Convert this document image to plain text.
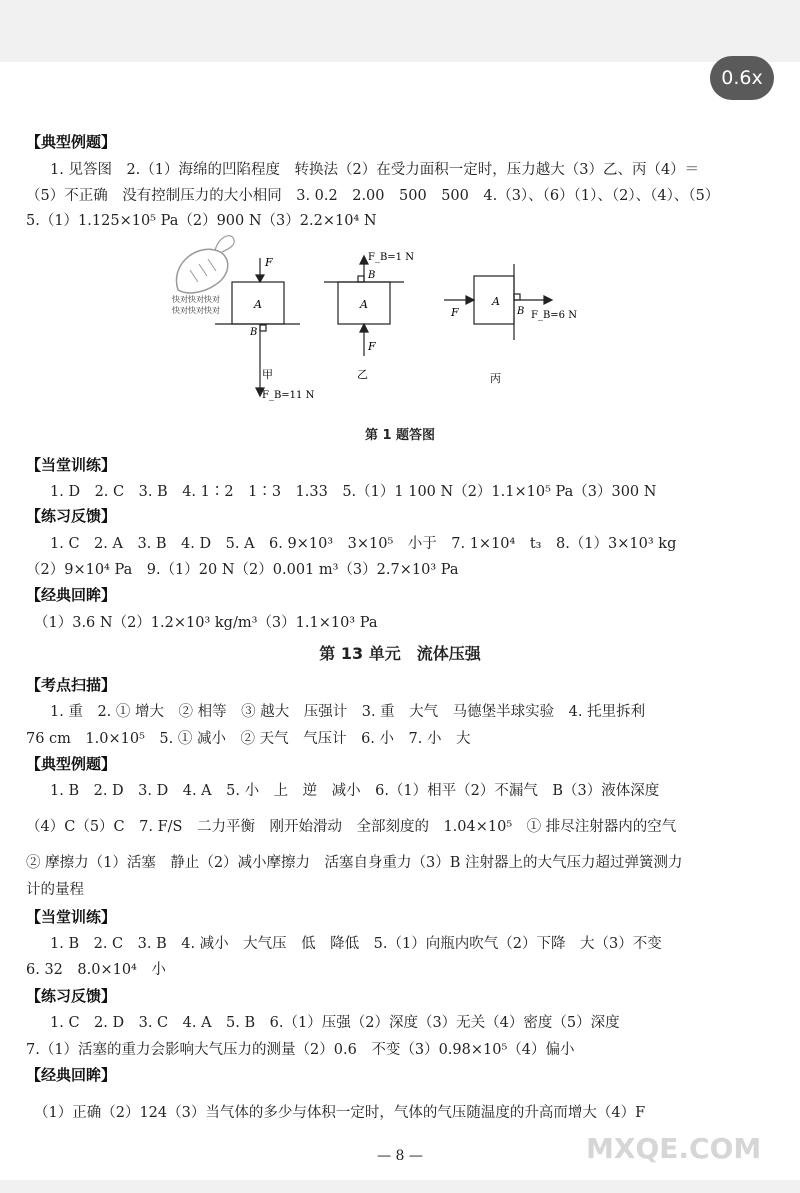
0.6x
【典型例题】
1. 见答图　2.（1）海绵的凹陷程度　转换法（2）在受力面积一定时，压力越大（3）乙、丙（4）＝
（5）不正确　没有控制压力的大小相同　3. 0.2　2.00　500　500　4.（3）、（6）（1）、（2）、（4）、（5）
5.（1）1.125×10⁵ Pa（2）900 N（3）2.2×10⁴ N
快对快对快对
快对快对快对
F
A
B
甲
F_B=11 N
F_B=1 N
B
A
F
乙
A
F	B F_B=6 N
丙
第 1 题答图
【当堂训练】
1. D　2. C　3. B　4. 1∶2　1∶3　1.33　5.（1）1 100 N（2）1.1×10⁵ Pa（3）300 N
【练习反馈】
1. C　2. A　3. B　4. D　5. A　6. 9×10³　3×10⁵　小于　7. 1×10⁴　t₃　8.（1）3×10³ kg
（2）9×10⁴ Pa　9.（1）20 N（2）0.001 m³（3）2.7×10³ Pa
【经典回眸】
（1）3.6 N（2）1.2×10³ kg/m³（3）1.1×10³ Pa
第 13 单元　流体压强
【考点扫描】
1. 重　2. ① 增大　② 相等　③ 越大　压强计　3. 重　大气　马德堡半球实验　4. 托里拆利
76 cm　1.0×10⁵　5. ① 减小　② 天气　气压计　6. 小　7. 小　大
【典型例题】
1. B　2. D　3. D　4. A　5. 小　上　逆　减小　6.（1）相平（2）不漏气　B（3）液体深度
（4）C（5）C　7. F/S　二力平衡　刚开始滑动　全部刻度的　1.04×10⁵　① 排尽注射器内的空气
② 摩擦力（1）活塞　静止（2）减小摩擦力　活塞自身重力（3）B 注射器上的大气压力超过弹簧测力
计的量程
【当堂训练】
1. B　2. C　3. B　4. 减小　大气压　低　降低　5.（1）向瓶内吹气（2）下降　大（3）不变
6. 32　8.0×10⁴　小
【练习反馈】
1. C　2. D　3. C　4. A　5. B　6.（1）压强（2）深度（3）无关（4）密度（5）深度
7.（1）活塞的重力会影响大气压力的测量（2）0.6　不变（3）0.98×10⁵（4）偏小
【经典回眸】
（1）正确（2）124（3）当气体的多少与体积一定时，气体的气压随温度的升高而增大（4）F
MXQE.COM
— 8 —
